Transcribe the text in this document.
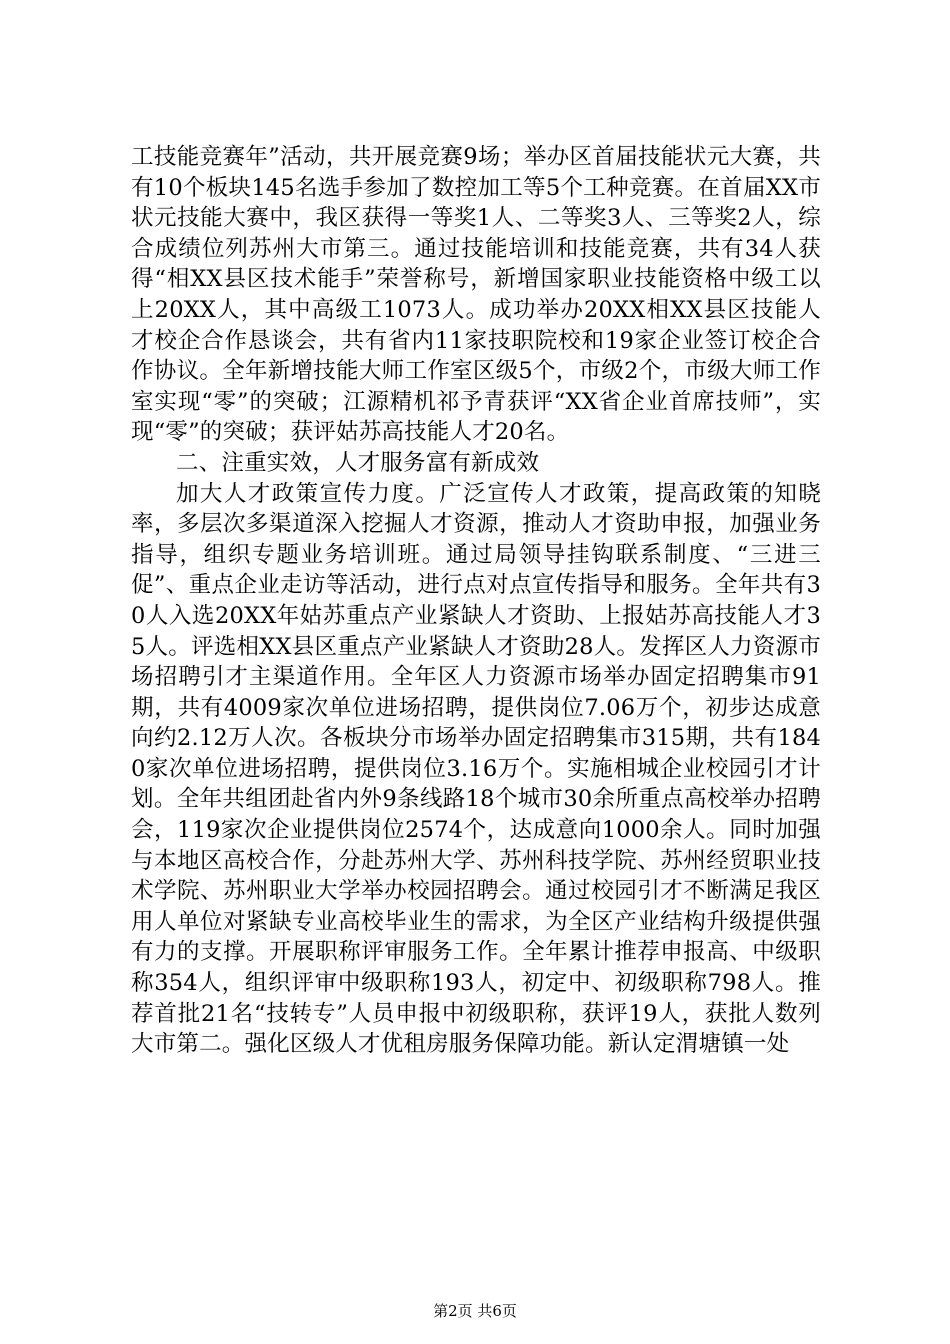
工技能竞赛年”活动，共开展竞赛9场；举办区首届技能状元大赛，共有10个板块145名选手参加了数控加工等5个工种竞赛。在首届XX市状元技能大赛中，我区获得一等奖1人、二等奖3人、三等奖2人，综合成绩位列苏州大市第三。通过技能培训和技能竞赛，共有34人获得“相XX县区技术能手”荣誉称号，新增国家职业技能资格中级工以上20XX人，其中高级工1073人。成功举办20XX相XX县区技能人才校企合作恳谈会，共有省内11家技职院校和19家企业签订校企合作协议。全年新增技能大师工作室区级5个，市级2个，市级大师工作室实现“零”的突破；江源精机祁予青获评“XX省企业首席技师”，实现“零”的突破；获评姑苏高技能人才20名。

二、注重实效，人才服务富有新成效

加大人才政策宣传力度。广泛宣传人才政策，提高政策的知晓率，多层次多渠道深入挖掘人才资源，推动人才资助申报，加强业务指导，组织专题业务培训班。通过局领导挂钩联系制度、“三进三促”、重点企业走访等活动，进行点对点宣传指导和服务。全年共有30人入选20XX年姑苏重点产业紧缺人才资助、上报姑苏高技能人才35人。评选相XX县区重点产业紧缺人才资助28人。发挥区人力资源市场招聘引才主渠道作用。全年区人力资源市场举办固定招聘集市91期，共有4009家次单位进场招聘，提供岗位7.06万个，初步达成意向约2.12万人次。各板块分市场举办固定招聘集市315期，共有1840家次单位进场招聘，提供岗位3.16万个。实施相城企业校园引才计划。全年共组团赴省内外9条线路18个城市30余所重点高校举办招聘会，119家次企业提供岗位2574个，达成意向1000余人。同时加强与本地区高校合作，分赴苏州大学、苏州科技学院、苏州经贸职业技术学院、苏州职业大学举办校园招聘会。通过校园引才不断满足我区用人单位对紧缺专业高校毕业生的需求，为全区产业结构升级提供强有力的支撑。开展职称评审服务工作。全年累计推荐申报高、中级职称354人，组织评审中级职称193人，初定中、初级职称798人。推荐首批21名“技转专”人员申报中初级职称，获评19人，获批人数列大市第二。强化区级人才优租房服务保障功能。新认定渭塘镇一处

第2页 共6页
